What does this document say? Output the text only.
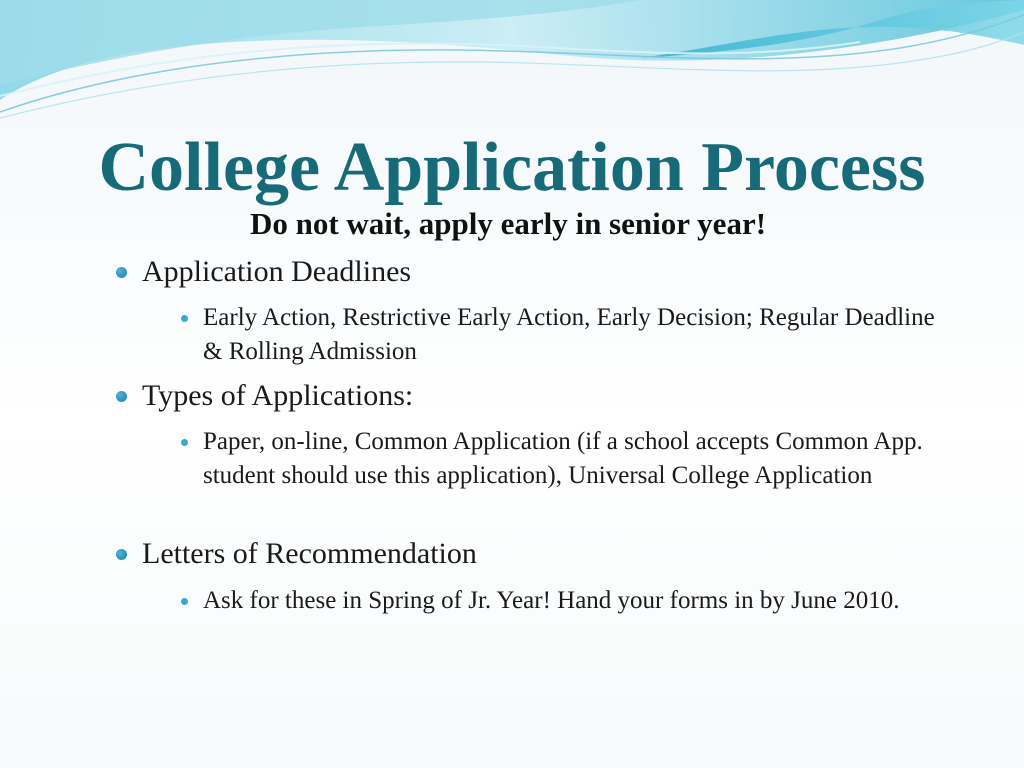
College Application Process
Do not wait, apply early in senior year!
Application Deadlines
Early Action, Restrictive Early Action, Early Decision; Regular Deadline & Rolling Admission
Types of Applications:
Paper, on-line, Common Application (if a school accepts Common App. student should use this application), Universal College Application
Letters of Recommendation
Ask for these in Spring of Jr. Year! Hand your forms in by June 2010.
